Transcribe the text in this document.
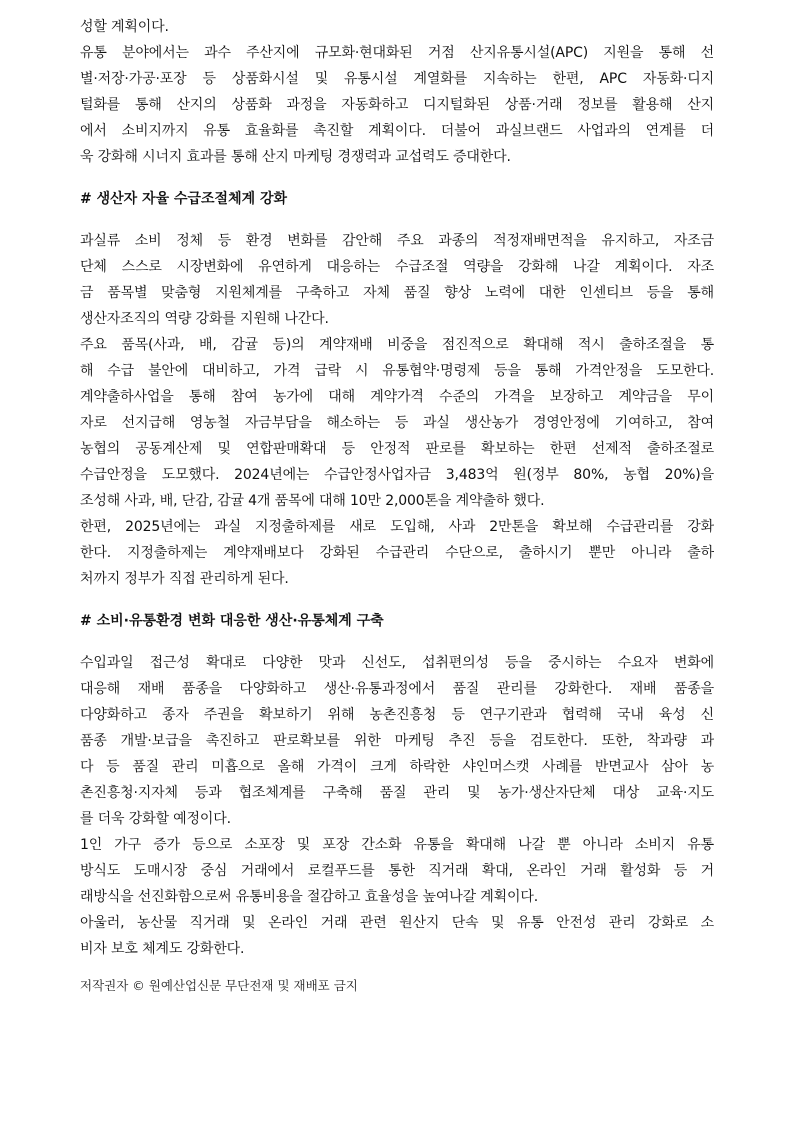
성할 계획이다.
유통 분야에서는 과수 주산지에 규모화·현대화된 거점 산지유통시설(APC) 지원을 통해 선
별·저장·가공·포장 등 상품화시설 및 유통시설 계열화를 지속하는 한편, APC 자동화·디지
털화를 통해 산지의 상품화 과정을 자동화하고 디지털화된 상품·거래 정보를 활용해 산지
에서 소비지까지 유통 효율화를 촉진할 계획이다. 더불어 과실브랜드 사업과의 연계를 더
욱 강화해 시너지 효과를 통해 산지 마케팅 경쟁력과 교섭력도 증대한다.
# 생산자 자율 수급조절체계 강화
과실류 소비 정체 등 환경 변화를 감안해 주요 과종의 적정재배면적을 유지하고, 자조금
단체 스스로 시장변화에 유연하게 대응하는 수급조절 역량을 강화해 나갈 계획이다. 자조
금 품목별 맞춤형 지원체계를 구축하고 자체 품질 향상 노력에 대한 인센티브 등을 통해
생산자조직의 역량 강화를 지원해 나간다.
주요 품목(사과, 배, 감귤 등)의 계약재배 비중을 점진적으로 확대해 적시 출하조절을 통
해 수급 불안에 대비하고, 가격 급락 시 유통협약·명령제 등을 통해 가격안정을 도모한다.
계약출하사업을 통해 참여 농가에 대해 계약가격 수준의 가격을 보장하고 계약금을 무이
자로 선지급해 영농철 자금부담을 해소하는 등 과실 생산농가 경영안정에 기여하고, 참여
농협의 공동계산제 및 연합판매확대 등 안정적 판로를 확보하는 한편 선제적 출하조절로
수급안정을 도모했다. 2024년에는 수급안정사업자금 3,483억 원(정부 80%, 농협 20%)을
조성해 사과, 배, 단감, 감귤 4개 품목에 대해 10만 2,000톤을 계약출하 했다.
한편, 2025년에는 과실 지정출하제를 새로 도입해, 사과 2만톤을 확보해 수급관리를 강화
한다. 지정출하제는 계약재배보다 강화된 수급관리 수단으로, 출하시기 뿐만 아니라 출하
처까지 정부가 직접 관리하게 된다.
# 소비·유통환경 변화 대응한 생산·유통체계 구축
수입과일 접근성 확대로 다양한 맛과 신선도, 섭취편의성 등을 중시하는 수요자 변화에
대응해 재배 품종을 다양화하고 생산·유통과정에서 품질 관리를 강화한다. 재배 품종을
다양화하고 종자 주권을 확보하기 위해 농촌진흥청 등 연구기관과 협력해 국내 육성 신
품종 개발·보급을 촉진하고 판로확보를 위한 마케팅 추진 등을 검토한다. 또한, 착과량 과
다 등 품질 관리 미흡으로 올해 가격이 크게 하락한 샤인머스캣 사례를 반면교사 삼아 농
촌진흥청·지자체 등과 협조체계를 구축해 품질 관리 및 농가·생산자단체 대상 교육·지도
를 더욱 강화할 예정이다.
1인 가구 증가 등으로 소포장 및 포장 간소화 유통을 확대해 나갈 뿐 아니라 소비지 유통
방식도 도매시장 중심 거래에서 로컬푸드를 통한 직거래 확대, 온라인 거래 활성화 등 거
래방식을 선진화함으로써 유통비용을 절감하고 효율성을 높여나갈 계획이다.
아울러, 농산물 직거래 및 온라인 거래 관련 원산지 단속 및 유통 안전성 관리 강화로 소
비자 보호 체계도 강화한다.
저작권자 © 원예산업신문 무단전재 및 재배포 금지
